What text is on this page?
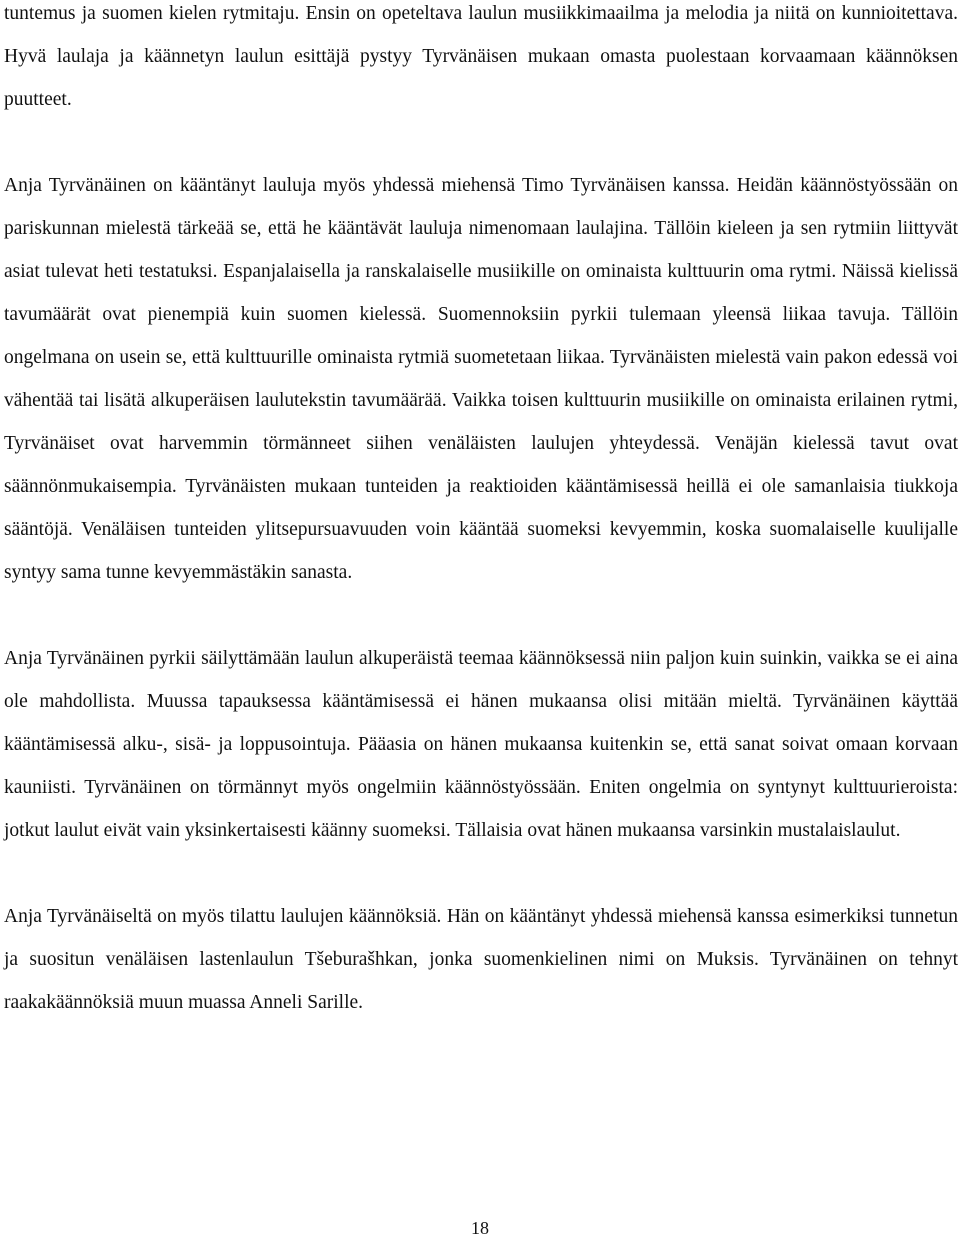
tuntemus ja suomen kielen rytmitaju. Ensin on opeteltava laulun musiikkimaailma ja melodia ja niitä on kunnioitettava. Hyvä laulaja ja käännetyn laulun esittäjä pystyy Tyrvänäisen mukaan omasta puolestaan korvaamaan käännöksen puutteet.

Anja Tyrvänäinen on kääntänyt lauluja myös yhdessä miehensä Timo Tyrvänäisen kanssa. Heidän käännöstyössään on pariskunnan mielestä tärkeää se, että he kääntävät lauluja nimenomaan laulajina. Tällöin kieleen ja sen rytmiin liittyvät asiat tulevat heti testatuksi. Espanjalaisella ja ranskalaiselle musiikille on ominaista kulttuurin oma rytmi. Näissä kielissä tavumäärät ovat pienempiä kuin suomen kielessä. Suomennoksiin pyrkii tulemaan yleensä liikaa tavuja. Tällöin ongelmana on usein se, että kulttuurille ominaista rytmiä suometetaan liikaa. Tyrvänäisten mielestä vain pakon edessä voi vähentää tai lisätä alkuperäisen laulutekstin tavumäärää. Vaikka toisen kulttuurin musiikille on ominaista erilainen rytmi, Tyrvänäiset ovat harvemmin törmänneet siihen venäläisten laulujen yhteydessä. Venäjän kielessä tavut ovat säännönmukaisempia. Tyrvänäisten mukaan tunteiden ja reaktioiden kääntämisessä heillä ei ole samanlaisia tiukkoja sääntöjä. Venäläisen tunteiden ylitsepursuavuuden voin kääntää suomeksi kevyemmin, koska suomalaiselle kuulijalle syntyy sama tunne kevyemmästäkin sanasta.

Anja Tyrvänäinen pyrkii säilyttämään laulun alkuperäistä teemaa käännöksessä niin paljon kuin suinkin, vaikka se ei aina ole mahdollista. Muussa tapauksessa kääntämisessä ei hänen mukaansa olisi mitään mieltä. Tyrvänäinen käyttää kääntämisessä alku-, sisä- ja loppusointuja. Pääasia on hänen mukaansa kuitenkin se, että sanat soivat omaan korvaan kauniisti. Tyrvänäinen on törmännyt myös ongelmiin käännöstyössään. Eniten ongelmia on syntynyt kulttuurieroista: jotkut laulut eivät vain yksinkertaisesti käänny suomeksi. Tällaisia ovat hänen mukaansa varsinkin mustalaislaulut.

Anja Tyrvänäiseltä on myös tilattu laulujen käännöksiä. Hän on kääntänyt yhdessä miehensä kanssa esimerkiksi tunnetun ja suositun venäläisen lastenlaulun Tšeburašhkan, jonka suomenkielinen nimi on Muksis. Tyrvänäinen on tehnyt raakakäännöksiä muun muassa Anneli Sarille.

18
